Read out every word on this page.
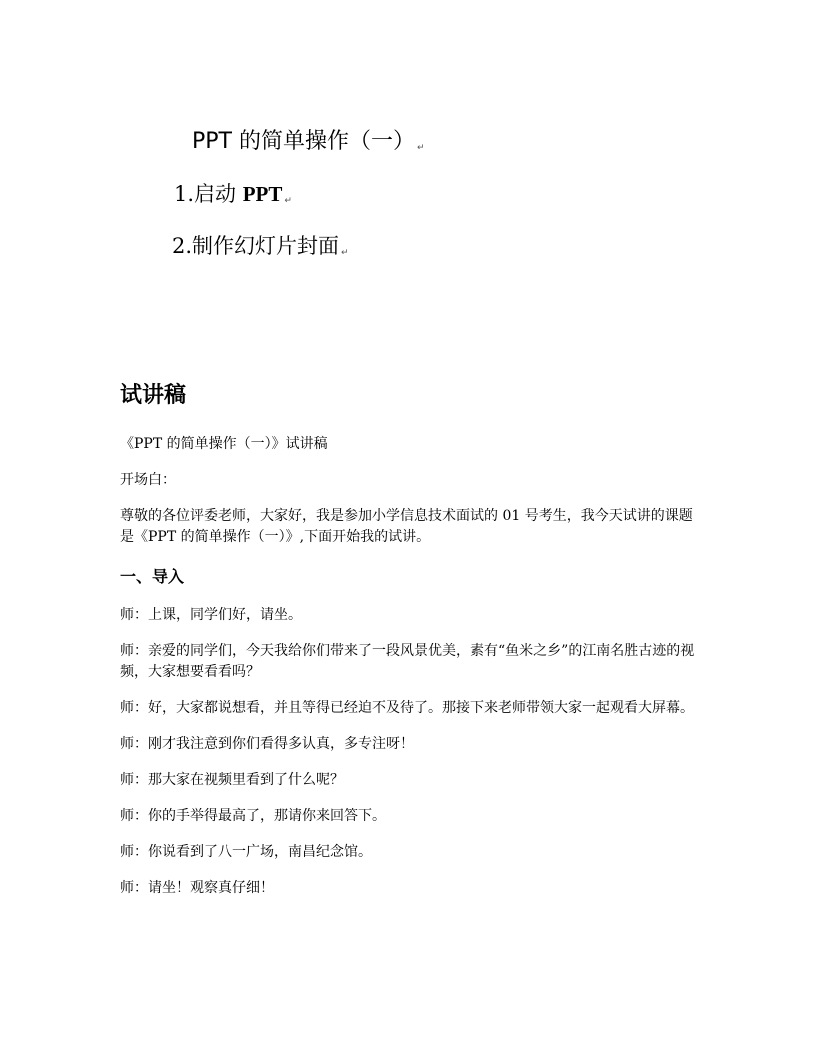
PPT 的简单操作（一） ↵
1.启动 PPT ↵
2.制作幻灯片封面 ↵
试讲稿

《PPT 的简单操作（一）》试讲稿

开场白：

尊敬的各位评委老师，大家好，我是参加小学信息技术面试的 01 号考生，我今天试讲的课题是《PPT 的简单操作（一）》,下面开始我的试讲。

一、导入

师：上课，同学们好，请坐。

师：亲爱的同学们，今天我给你们带来了一段风景优美，素有“鱼米之乡”的江南名胜古迹的视频，大家想要看看吗？

师：好，大家都说想看，并且等得已经迫不及待了。那接下来老师带领大家一起观看大屏幕。

师：刚才我注意到你们看得多认真，多专注呀！

师：那大家在视频里看到了什么呢？

师：你的手举得最高了，那请你来回答下。

师：你说看到了八一广场，南昌纪念馆。

师：请坐！观察真仔细！
